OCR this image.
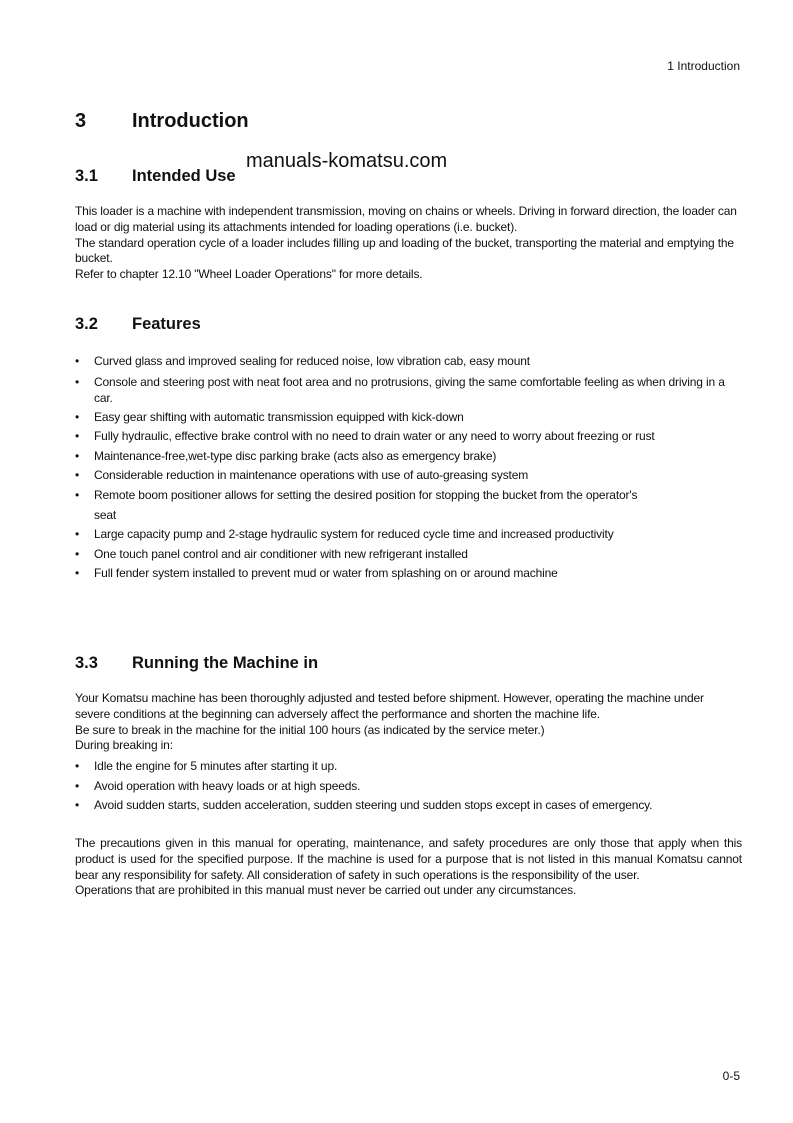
1 Introduction
3 Introduction
manuals-komatsu.com
3.1 Intended Use

This loader is a machine with independent transmission, moving on chains or wheels. Driving in forward direction, the loader can load or dig material using its attachments intended for loading operations (i.e. bucket).

The standard operation cycle of a loader includes filling up and loading of the bucket, transporting the material and emptying the bucket.

Refer to chapter 12.10 "Wheel Loader Operations" for more details.

3.2 Features
• Curved glass and improved sealing for reduced noise, low vibration cab, easy mount
• Console and steering post with neat foot area and no protrusions, giving the same comfortable feeling as when driving in a car.
• Easy gear shifting with automatic transmission equipped with kick-down
• Fully hydraulic, effective brake control with no need to drain water or any need to worry about freezing or rust
• Maintenance-free,wet-type disc parking brake (acts also as emergency brake)
• Considerable reduction in maintenance operations with use of auto-greasing system
• Remote boom positioner allows for setting the desired position for stopping the bucket from the operator's seat
• Large capacity pump and 2-stage hydraulic system for reduced cycle time and increased productivity
• One touch panel control and air conditioner with new refrigerant installed
• Full fender system installed to prevent mud or water from splashing on or around machine
3.3 Running the Machine in

Your Komatsu machine has been thoroughly adjusted and tested before shipment. However, operating the machine under severe conditions at the beginning can adversely affect the performance and shorten the machine life.

Be sure to break in the machine for the initial 100 hours (as indicated by the service meter.)

During breaking in:

• Idle the engine for 5 minutes after starting it up.
• Avoid operation with heavy loads or at high speeds.
• Avoid sudden starts, sudden acceleration, sudden steering und sudden stops except in cases of emergency.

The precautions given in this manual for operating, maintenance, and safety procedures are only those that apply when this product is used for the specified purpose. If the machine is used for a purpose that is not listed in this manual Komatsu cannot bear any responsibility for safety. All consideration of safety in such operations is the responsibility of the user.

Operations that are prohibited in this manual must never be carried out under any circumstances.

0-5
